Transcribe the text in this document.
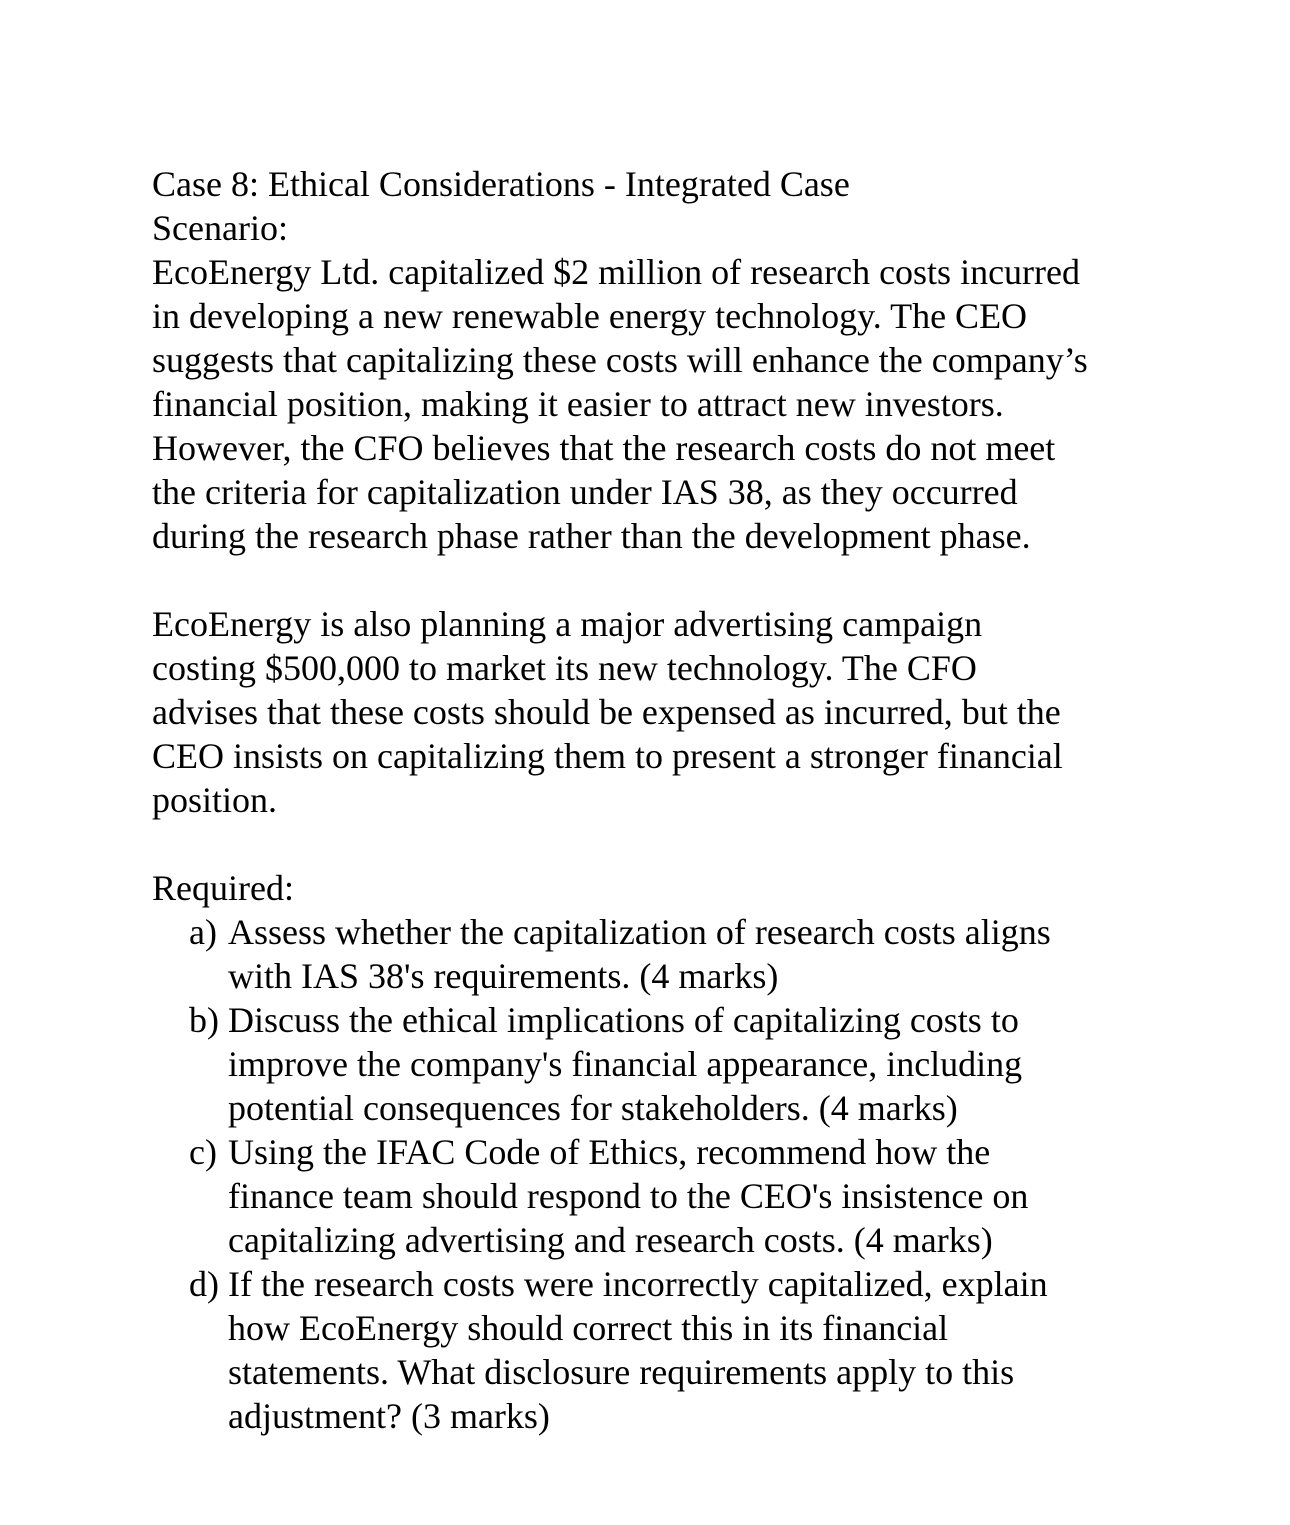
Case 8: Ethical Considerations - Integrated Case

Scenario:

EcoEnergy Ltd. capitalized $2 million of research costs incurred

in developing a new renewable energy technology. The CEO

suggests that capitalizing these costs will enhance the company’s

financial position, making it easier to attract new investors.

However, the CFO believes that the research costs do not meet

the criteria for capitalization under IAS 38, as they occurred

during the research phase rather than the development phase.

EcoEnergy is also planning a major advertising campaign

costing $500,000 to market its new technology. The CFO

advises that these costs should be expensed as incurred, but the

CEO insists on capitalizing them to present a stronger financial

position.

Required:

a) Assess whether the capitalization of research costs aligns

with IAS 38's requirements. (4 marks)

b) Discuss the ethical implications of capitalizing costs to

improve the company's financial appearance, including

potential consequences for stakeholders. (4 marks)

c) Using the IFAC Code of Ethics, recommend how the

finance team should respond to the CEO's insistence on

capitalizing advertising and research costs. (4 marks)

d) If the research costs were incorrectly capitalized, explain

how EcoEnergy should correct this in its financial

statements. What disclosure requirements apply to this

adjustment? (3 marks)
